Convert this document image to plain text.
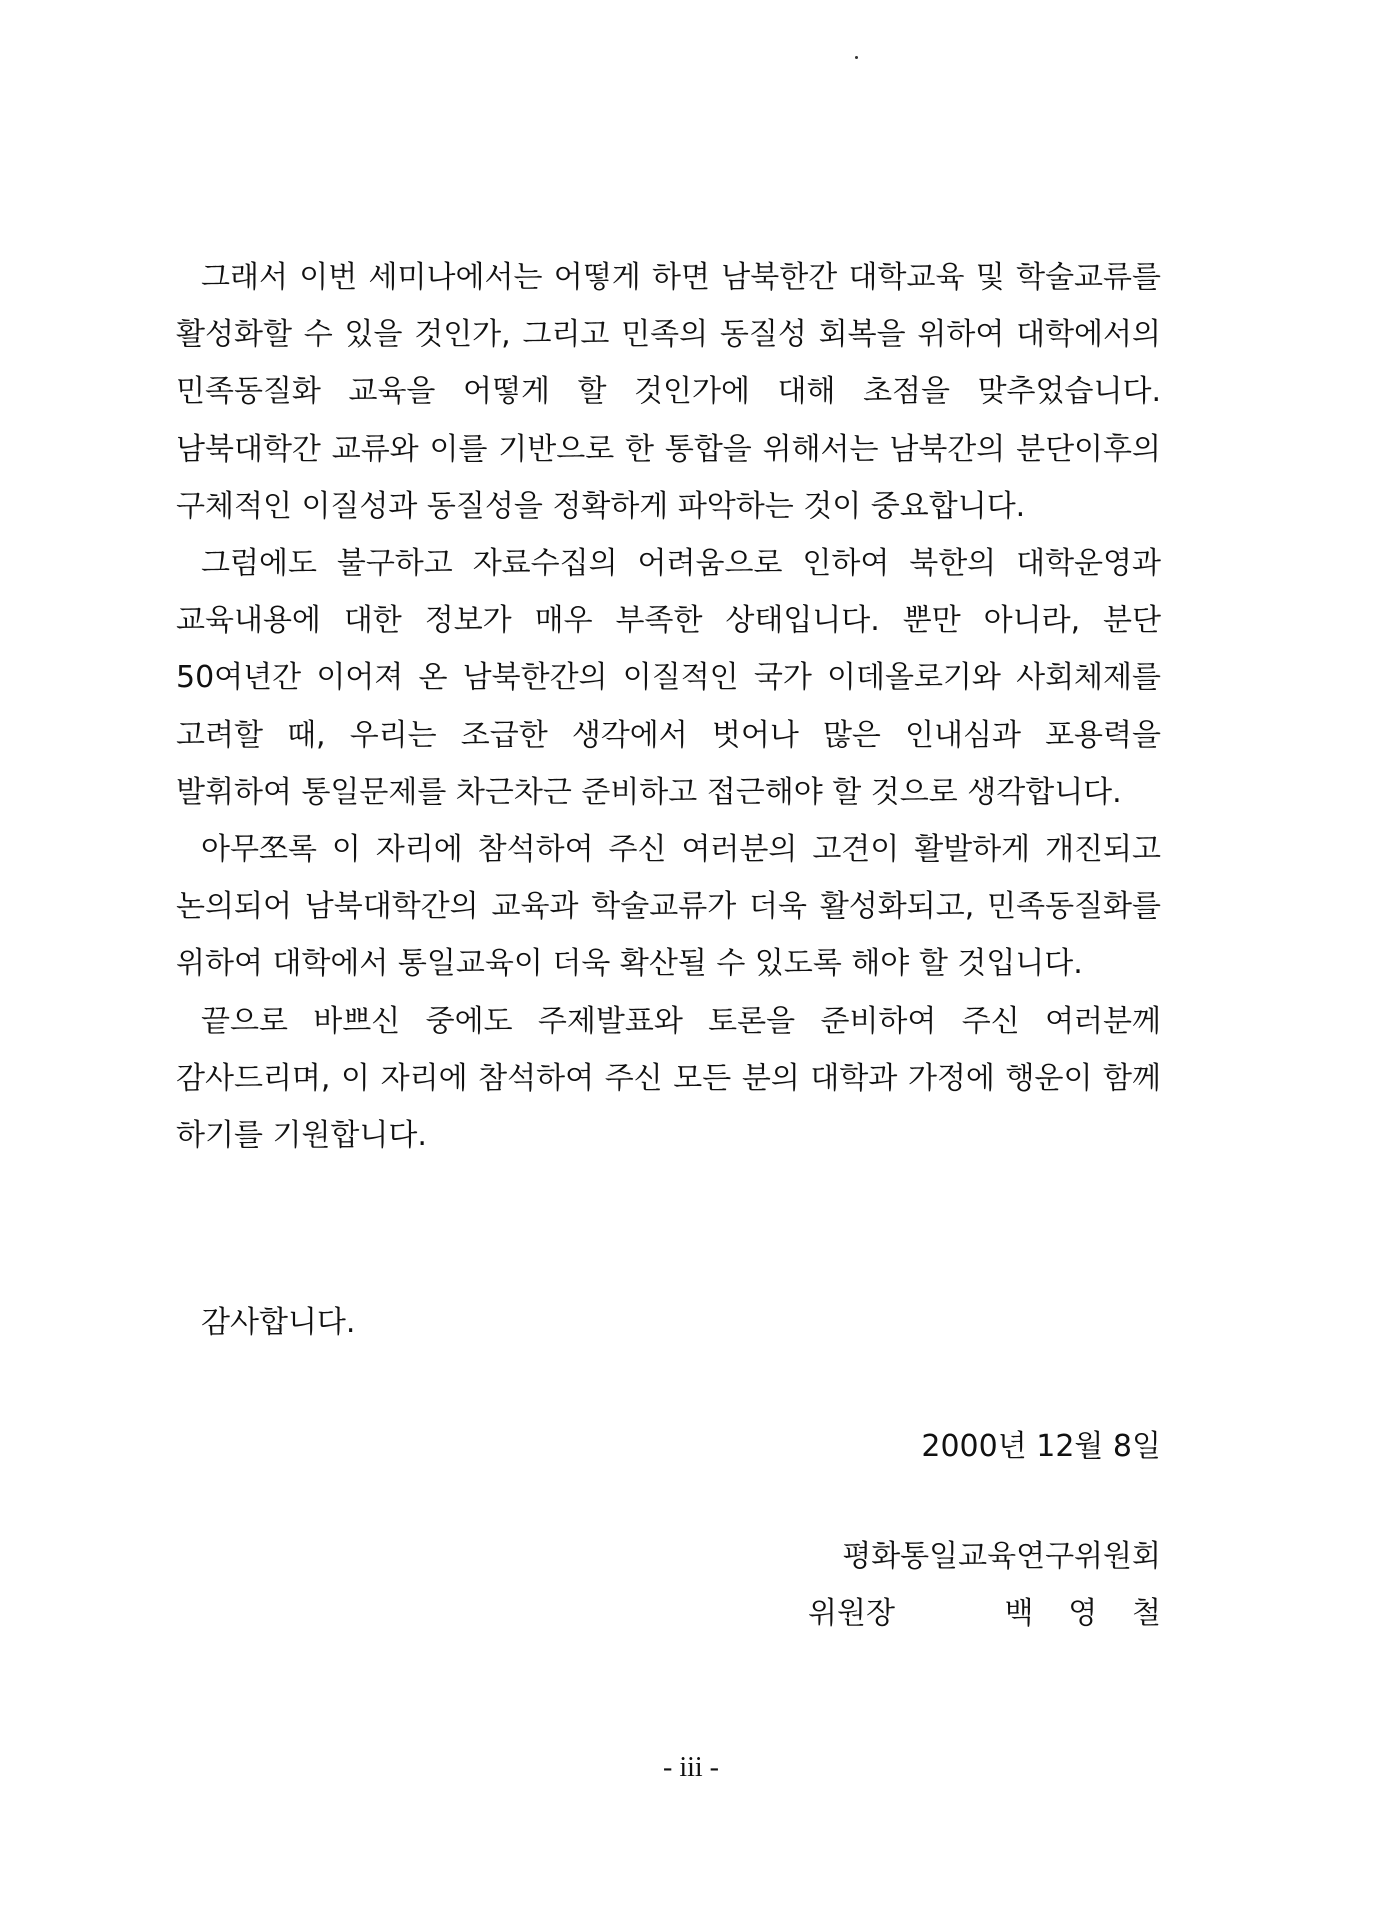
그래서 이번 세미나에서는 어떻게 하면 남북한간 대학교육 및 학술교류를 활성화할 수 있을 것인가, 그리고 민족의 동질성 회복을 위하여 대학에서의 민족동질화 교육을 어떻게 할 것인가에 대해 초점을 맞추었습니다. 남북대학간 교류와 이를 기반으로 한 통합을 위해서는 남북간의 분단이후의 구체적인 이질성과 동질성을 정확하게 파악하는 것이 중요합니다.

그럼에도 불구하고 자료수집의 어려움으로 인하여 북한의 대학운영과 교육내용에 대한 정보가 매우 부족한 상태입니다. 뿐만 아니라, 분단 50여년간 이어져 온 남북한간의 이질적인 국가 이데올로기와 사회체제를 고려할 때, 우리는 조급한 생각에서 벗어나 많은 인내심과 포용력을 발휘하여 통일문제를 차근차근 준비하고 접근해야 할 것으로 생각합니다.

아무쪼록 이 자리에 참석하여 주신 여러분의 고견이 활발하게 개진되고 논의되어 남북대학간의 교육과 학술교류가 더욱 활성화되고, 민족동질화를 위하여 대학에서 통일교육이 더욱 확산될 수 있도록 해야 할 것입니다.

끝으로 바쁘신 중에도 주제발표와 토론을 준비하여 주신 여러분께 감사드리며, 이 자리에 참석하여 주신 모든 분의 대학과 가정에 행운이 함께 하기를 기원합니다.

감사합니다.
2000년 12월 8일
평화통일교육연구위원회
위원장	백 영 철
- iii -
